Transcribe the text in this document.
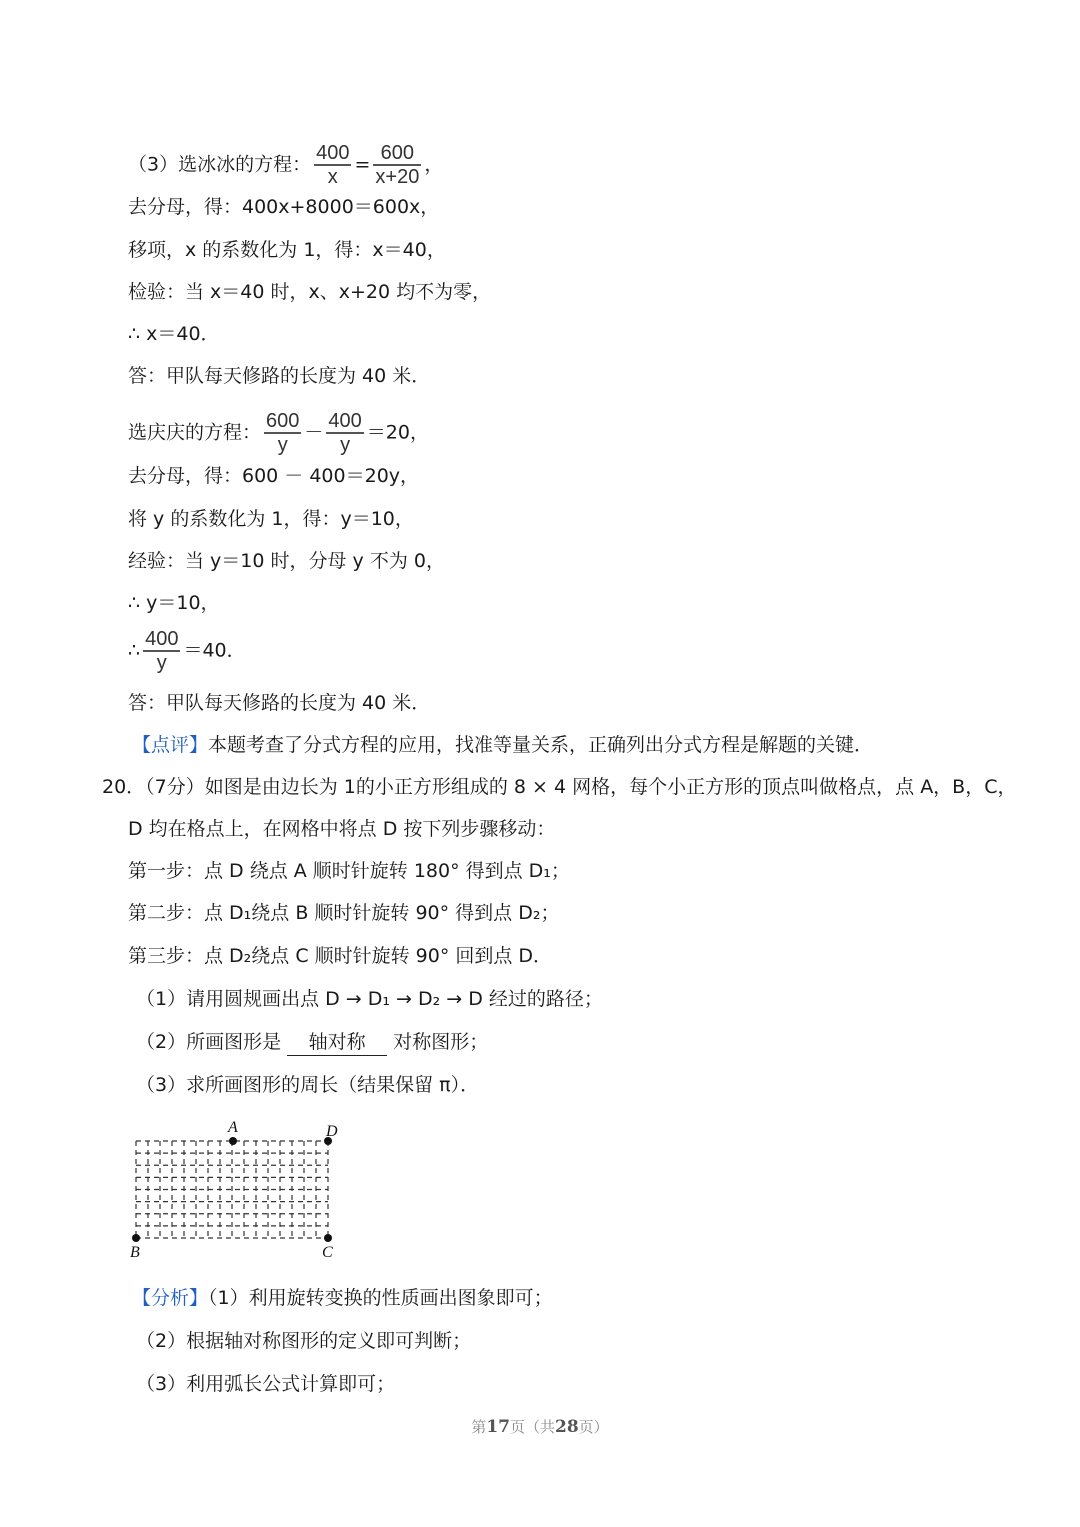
（3）选冰冰的方程： $\frac{400}{x} = \frac{600}{x+20}$ ，
去分母，得：400x+8000＝600x，
移项，x 的系数化为 1，得：x＝40，
检验：当 x＝40 时，x、x+20 均不为零，
∴ x＝40．
答：甲队每天修路的长度为 40 米．
选庆庆的方程： $\frac{600}{y} - \frac{400}{y} =20$，
去分母，得：600 － 400＝20y，
将 y 的系数化为 1，得：y＝10，
经验：当 y＝10 时，分母 y 不为 0，
∴ y＝10，
∴ $\frac{400}{y} =40$．
答：甲队每天修路的长度为 40 米．
【点评】本题考查了分式方程的应用，找准等量关系，正确列出分式方程是解题的关键．
20．（7分）如图是由边长为 1的小正方形组成的 8 × 4 网格，每个小正方形的顶点叫做格点，点 A，B，C，
D 均在格点上，在网格中将点 D 按下列步骤移动：
第一步：点 D 绕点 A 顺时针旋转 180° 得到点 D₁；
第二步：点 D₁绕点 B 顺时针旋转 90° 得到点 D₂；
第三步：点 D₂绕点 C 顺时针旋转 90° 回到点 D．
（1）请用圆规画出点 D → D₁ → D₂ → D 经过的路径；
（2）所画图形是 轴对称 对称图形；
（3）求所画图形的周长（结果保留 π）．
A
B	C
D
【分析】（1）利用旋转变换的性质画出图象即可；
（2）根据轴对称图形的定义即可判断；
（3）利用弧长公式计算即可；
第17页（共28页）
